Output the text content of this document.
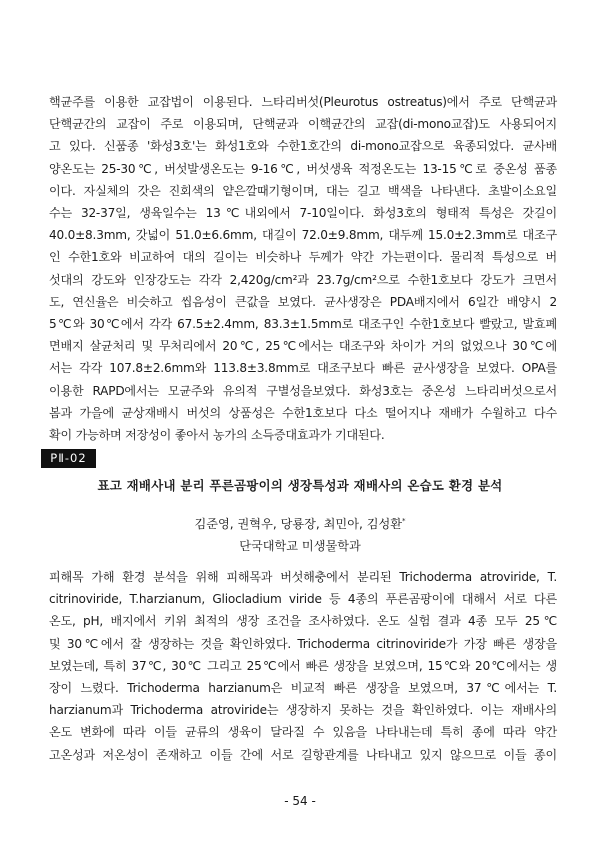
핵균주를 이용한 교잡법이 이용된다. 느타리버섯(Pleurotus ostreatus)에서 주로 단핵균과
단핵균간의 교잡이 주로 이용되며, 단핵균과 이핵균간의 교잡(di-mono교잡)도 사용되어지
고 있다. 신품종 '화성3호'는 화성1호와 수한1호간의 di-mono교잡으로 육종되었다. 균사배
양온도는 25-30℃, 버섯발생온도는 9-16℃, 버섯생육 적정온도는 13-15℃로 중온성 품종
이다. 자실체의 갓은 진회색의 얕은깔때기형이며, 대는 길고 백색을 나타낸다. 초발이소요일
수는 32-37일, 생육일수는 13℃내외에서 7-10일이다. 화성3호의 형태적 특성은 갓길이
40.0±8.3mm, 갓넓이 51.0±6.6mm, 대길이 72.0±9.8mm, 대두께 15.0±2.3mm로 대조구
인 수한1호와 비교하여 대의 길이는 비슷하나 두께가 약간 가는편이다. 물리적 특성으로 버
섯대의 강도와 인장강도는 각각 2,420g/cm²과 23.7g/cm²으로 수한1호보다 강도가 크면서
도, 연신율은 비슷하고 씹음성이 큰값을 보였다. 균사생장은 PDA배지에서 6일간 배양시 2
5℃와 30℃에서 각각 67.5±2.4mm, 83.3±1.5mm로 대조구인 수한1호보다 빨랐고, 발효폐
면배지 살균처리 및 무처리에서 20℃, 25℃에서는 대조구와 차이가 거의 없었으나 30℃에
서는 각각 107.8±2.6mm와 113.8±3.8mm로 대조구보다 빠른 균사생장을 보였다. OPA를
이용한 RAPD에서는 모균주와 유의적 구별성을보였다. 화성3호는 중온성 느타리버섯으로서
봄과 가을에 균상재배시 버섯의 상품성은 수한1호보다 다소 떨어지나 재배가 수월하고 다수
확이 가능하며 저장성이 좋아서 농가의 소득증대효과가 기대된다.

PⅡ-02
표고 재배사내 분리 푸른곰팡이의 생장특성과 재배사의 온습도 환경 분석
김준영, 권혁우, 당룡장, 최민아, 김성환*
단국대학교 미생물학과

피해목 가해 환경 분석을 위해 피해목과 버섯해충에서 분리된 Trichoderma atroviride, T.
citrinoviride, T.harzianum, Gliocladium viride 등 4종의 푸른곰팡이에 대해서 서로 다른
온도, pH, 배지에서 키위 최적의 생장 조건을 조사하였다. 온도 실험 결과 4종 모두 25℃
및 30℃에서 잘 생장하는 것을 확인하였다. Trichoderma citrinoviride가 가장 빠른 생장을
보였는데, 특히 37℃, 30℃ 그리고 25℃에서 빠른 생장을 보였으며, 15℃와 20℃에서는 생
장이 느렸다. Trichoderma harzianum은 비교적 빠른 생장을 보였으며, 37℃에서는 T.
harzianum과 Trichoderma atroviride는 생장하지 못하는 것을 확인하였다. 이는 재배사의
온도 변화에 따라 이들 균류의 생육이 달라질 수 있음을 나타내는데 특히 종에 따라 약간
고온성과 저온성이 존재하고 이들 간에 서로 길항관계를 나타내고 있지 않으므로 이들 종이

- 54 -
